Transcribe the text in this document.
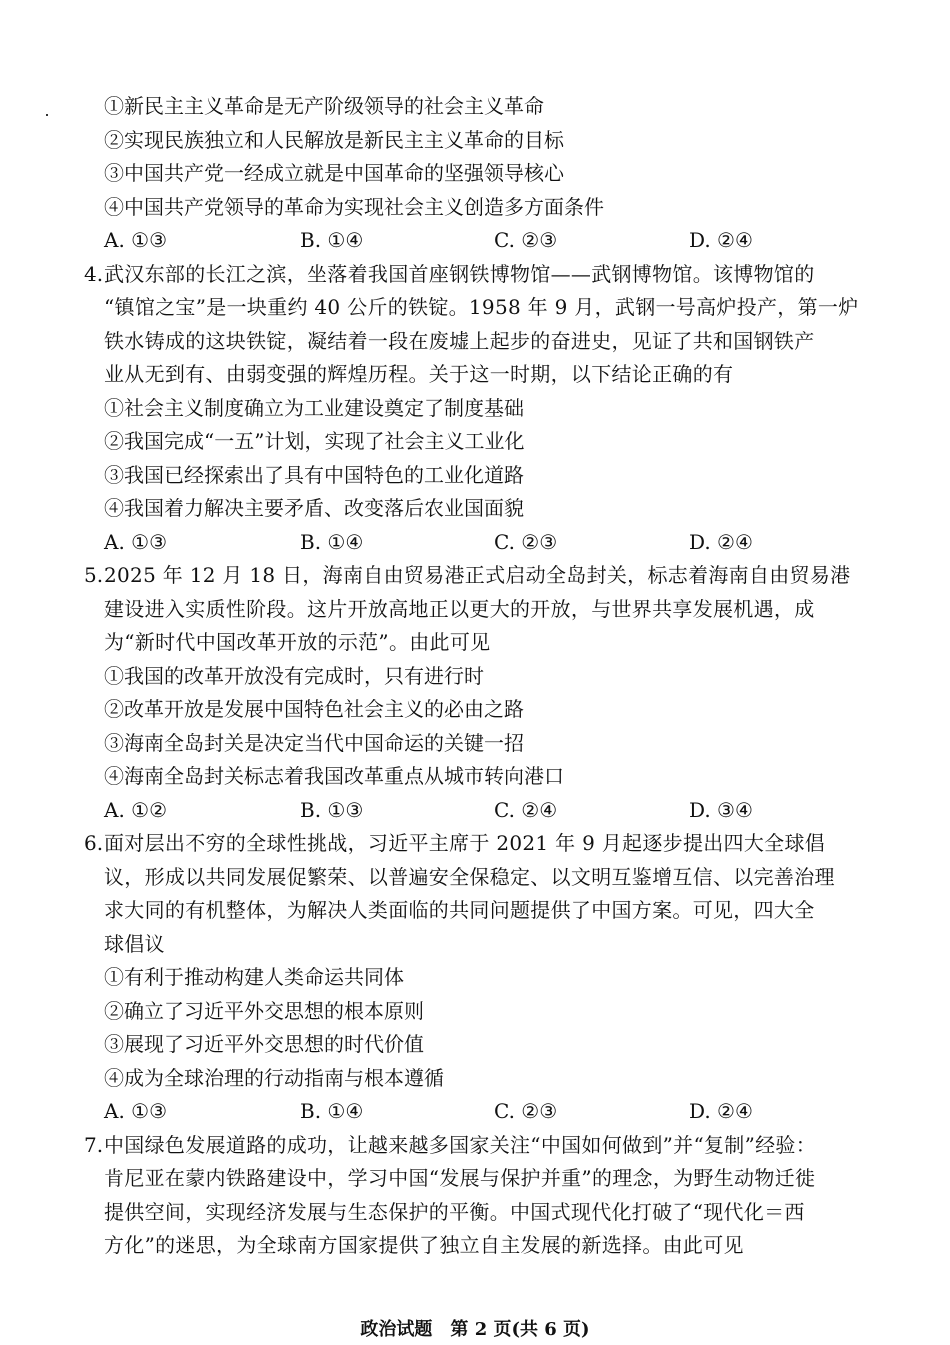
①新民主主义革命是无产阶级领导的社会主义革命
②实现民族独立和人民解放是新民主主义革命的目标
③中国共产党一经成立就是中国革命的坚强领导核心
④中国共产党领导的革命为实现社会主义创造多方面条件
A. ①③	B. ①④	C. ②③	D. ②④
4. 武汉东部的长江之滨，坐落着我国首座钢铁博物馆——武钢博物馆。该博物馆的
“镇馆之宝”是一块重约 40 公斤的铁锭。1958 年 9 月，武钢一号高炉投产，第一炉
铁水铸成的这块铁锭，凝结着一段在废墟上起步的奋进史，见证了共和国钢铁产
业从无到有、由弱变强的辉煌历程。关于这一时期，以下结论正确的有
①社会主义制度确立为工业建设奠定了制度基础
②我国完成“一五”计划，实现了社会主义工业化
③我国已经探索出了具有中国特色的工业化道路
④我国着力解决主要矛盾、改变落后农业国面貌
A. ①③	B. ①④	C. ②③	D. ②④
5. 2025 年 12 月 18 日，海南自由贸易港正式启动全岛封关，标志着海南自由贸易港
建设进入实质性阶段。这片开放高地正以更大的开放，与世界共享发展机遇，成
为“新时代中国改革开放的示范”。由此可见
①我国的改革开放没有完成时，只有进行时
②改革开放是发展中国特色社会主义的必由之路
③海南全岛封关是决定当代中国命运的关键一招
④海南全岛封关标志着我国改革重点从城市转向港口
A. ①②	B. ①③	C. ②④	D. ③④
6. 面对层出不穷的全球性挑战，习近平主席于 2021 年 9 月起逐步提出四大全球倡
议，形成以共同发展促繁荣、以普遍安全保稳定、以文明互鉴增互信、以完善治理
求大同的有机整体，为解决人类面临的共同问题提供了中国方案。可见，四大全
球倡议
①有利于推动构建人类命运共同体
②确立了习近平外交思想的根本原则
③展现了习近平外交思想的时代价值
④成为全球治理的行动指南与根本遵循
A. ①③	B. ①④	C. ②③	D. ②④
7. 中国绿色发展道路的成功，让越来越多国家关注“中国如何做到”并“复制”经验：
肯尼亚在蒙内铁路建设中，学习中国“发展与保护并重”的理念，为野生动物迁徙
提供空间，实现经济发展与生态保护的平衡。中国式现代化打破了“现代化＝西
方化”的迷思，为全球南方国家提供了独立自主发展的新选择。由此可见
政治试题　第 2 页(共 6 页)
